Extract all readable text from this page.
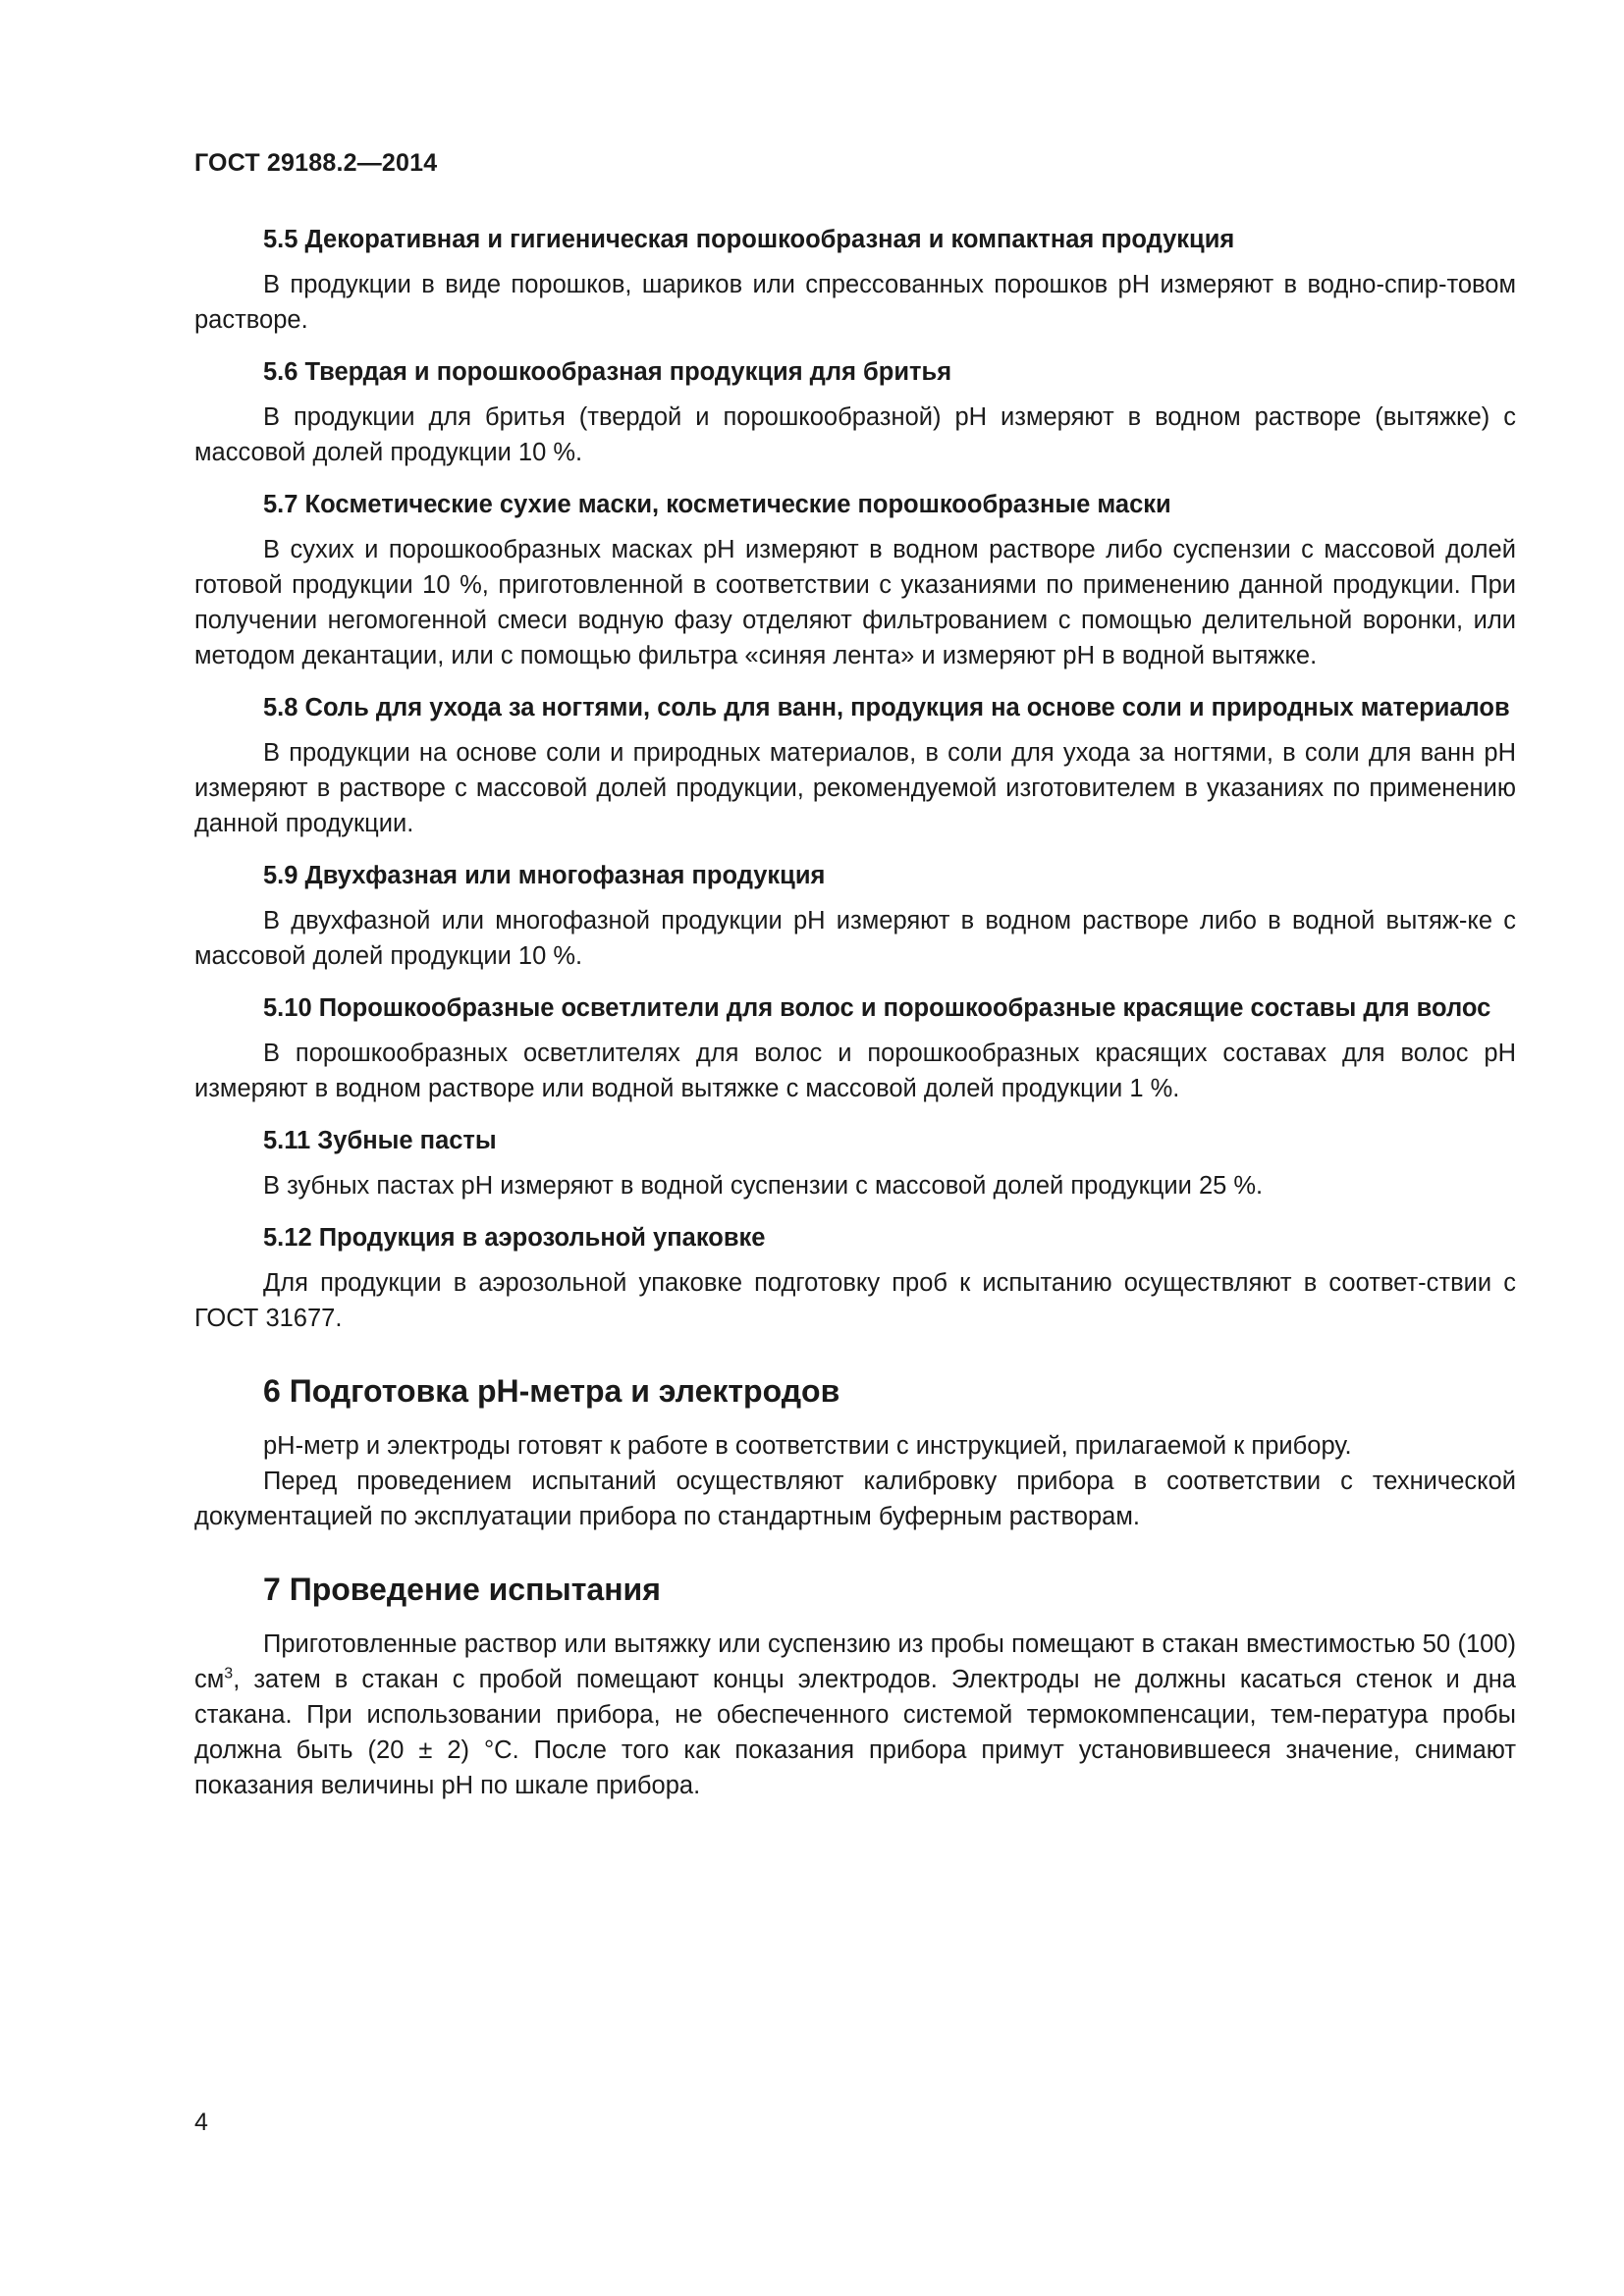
ГОСТ 29188.2—2014
5.5 Декоративная и гигиеническая порошкообразная и компактная продукция

В продукции в виде порошков, шариков или спрессованных порошков pH измеряют в водно-спир-товом растворе.

5.6 Твердая и порошкообразная продукция для бритья

В продукции для бритья (твердой и порошкообразной) pH измеряют в водном растворе (вытяжке) с массовой долей продукции 10 %.

5.7 Косметические сухие маски, косметические порошкообразные маски

В сухих и порошкообразных масках pH измеряют в водном растворе либо суспензии с массовой долей готовой продукции 10 %, приготовленной в соответствии с указаниями по применению данной продукции. При получении негомогенной смеси водную фазу отделяют фильтрованием с помощью делительной воронки, или методом декантации, или с помощью фильтра «синяя лента» и измеряют pH в водной вытяжке.

5.8 Соль для ухода за ногтями, соль для ванн, продукция на основе соли и природных материалов

В продукции на основе соли и природных материалов, в соли для ухода за ногтями, в соли для ванн pH измеряют в растворе с массовой долей продукции, рекомендуемой изготовителем в указаниях по применению данной продукции.

5.9 Двухфазная или многофазная продукция

В двухфазной или многофазной продукции pH измеряют в водном растворе либо в водной вытяж-ке с массовой долей продукции 10 %.

5.10 Порошкообразные осветлители для волос и порошкообразные красящие составы для волос

В порошкообразных осветлителях для волос и порошкообразных красящих составах для волос pH измеряют в водном растворе или водной вытяжке с массовой долей продукции 1 %.

5.11 Зубные пасты

В зубных пастах pH измеряют в водной суспензии с массовой долей продукции 25 %.

5.12 Продукция в аэрозольной упаковке

Для продукции в аэрозольной упаковке подготовку проб к испытанию осуществляют в соответ-ствии с ГОСТ 31677.

6 Подготовка pH-метра и электродов

pH-метр и электроды готовят к работе в соответствии с инструкцией, прилагаемой к прибору.

Перед проведением испытаний осуществляют калибровку прибора в соответствии с технической документацией по эксплуатации прибора по стандартным буферным растворам.

7 Проведение испытания

Приготовленные раствор или вытяжку или суспензию из пробы помещают в стакан вместимостью 50 (100) $см^3$, затем в стакан с пробой помещают концы электродов. Электроды не должны касаться стенок и дна стакана. При использовании прибора, не обеспеченного системой термокомпенсации, тем-пература пробы должна быть (20 ± 2) °С. После того как показания прибора примут установившееся значение, снимают показания величины pH по шкале прибора.

4
